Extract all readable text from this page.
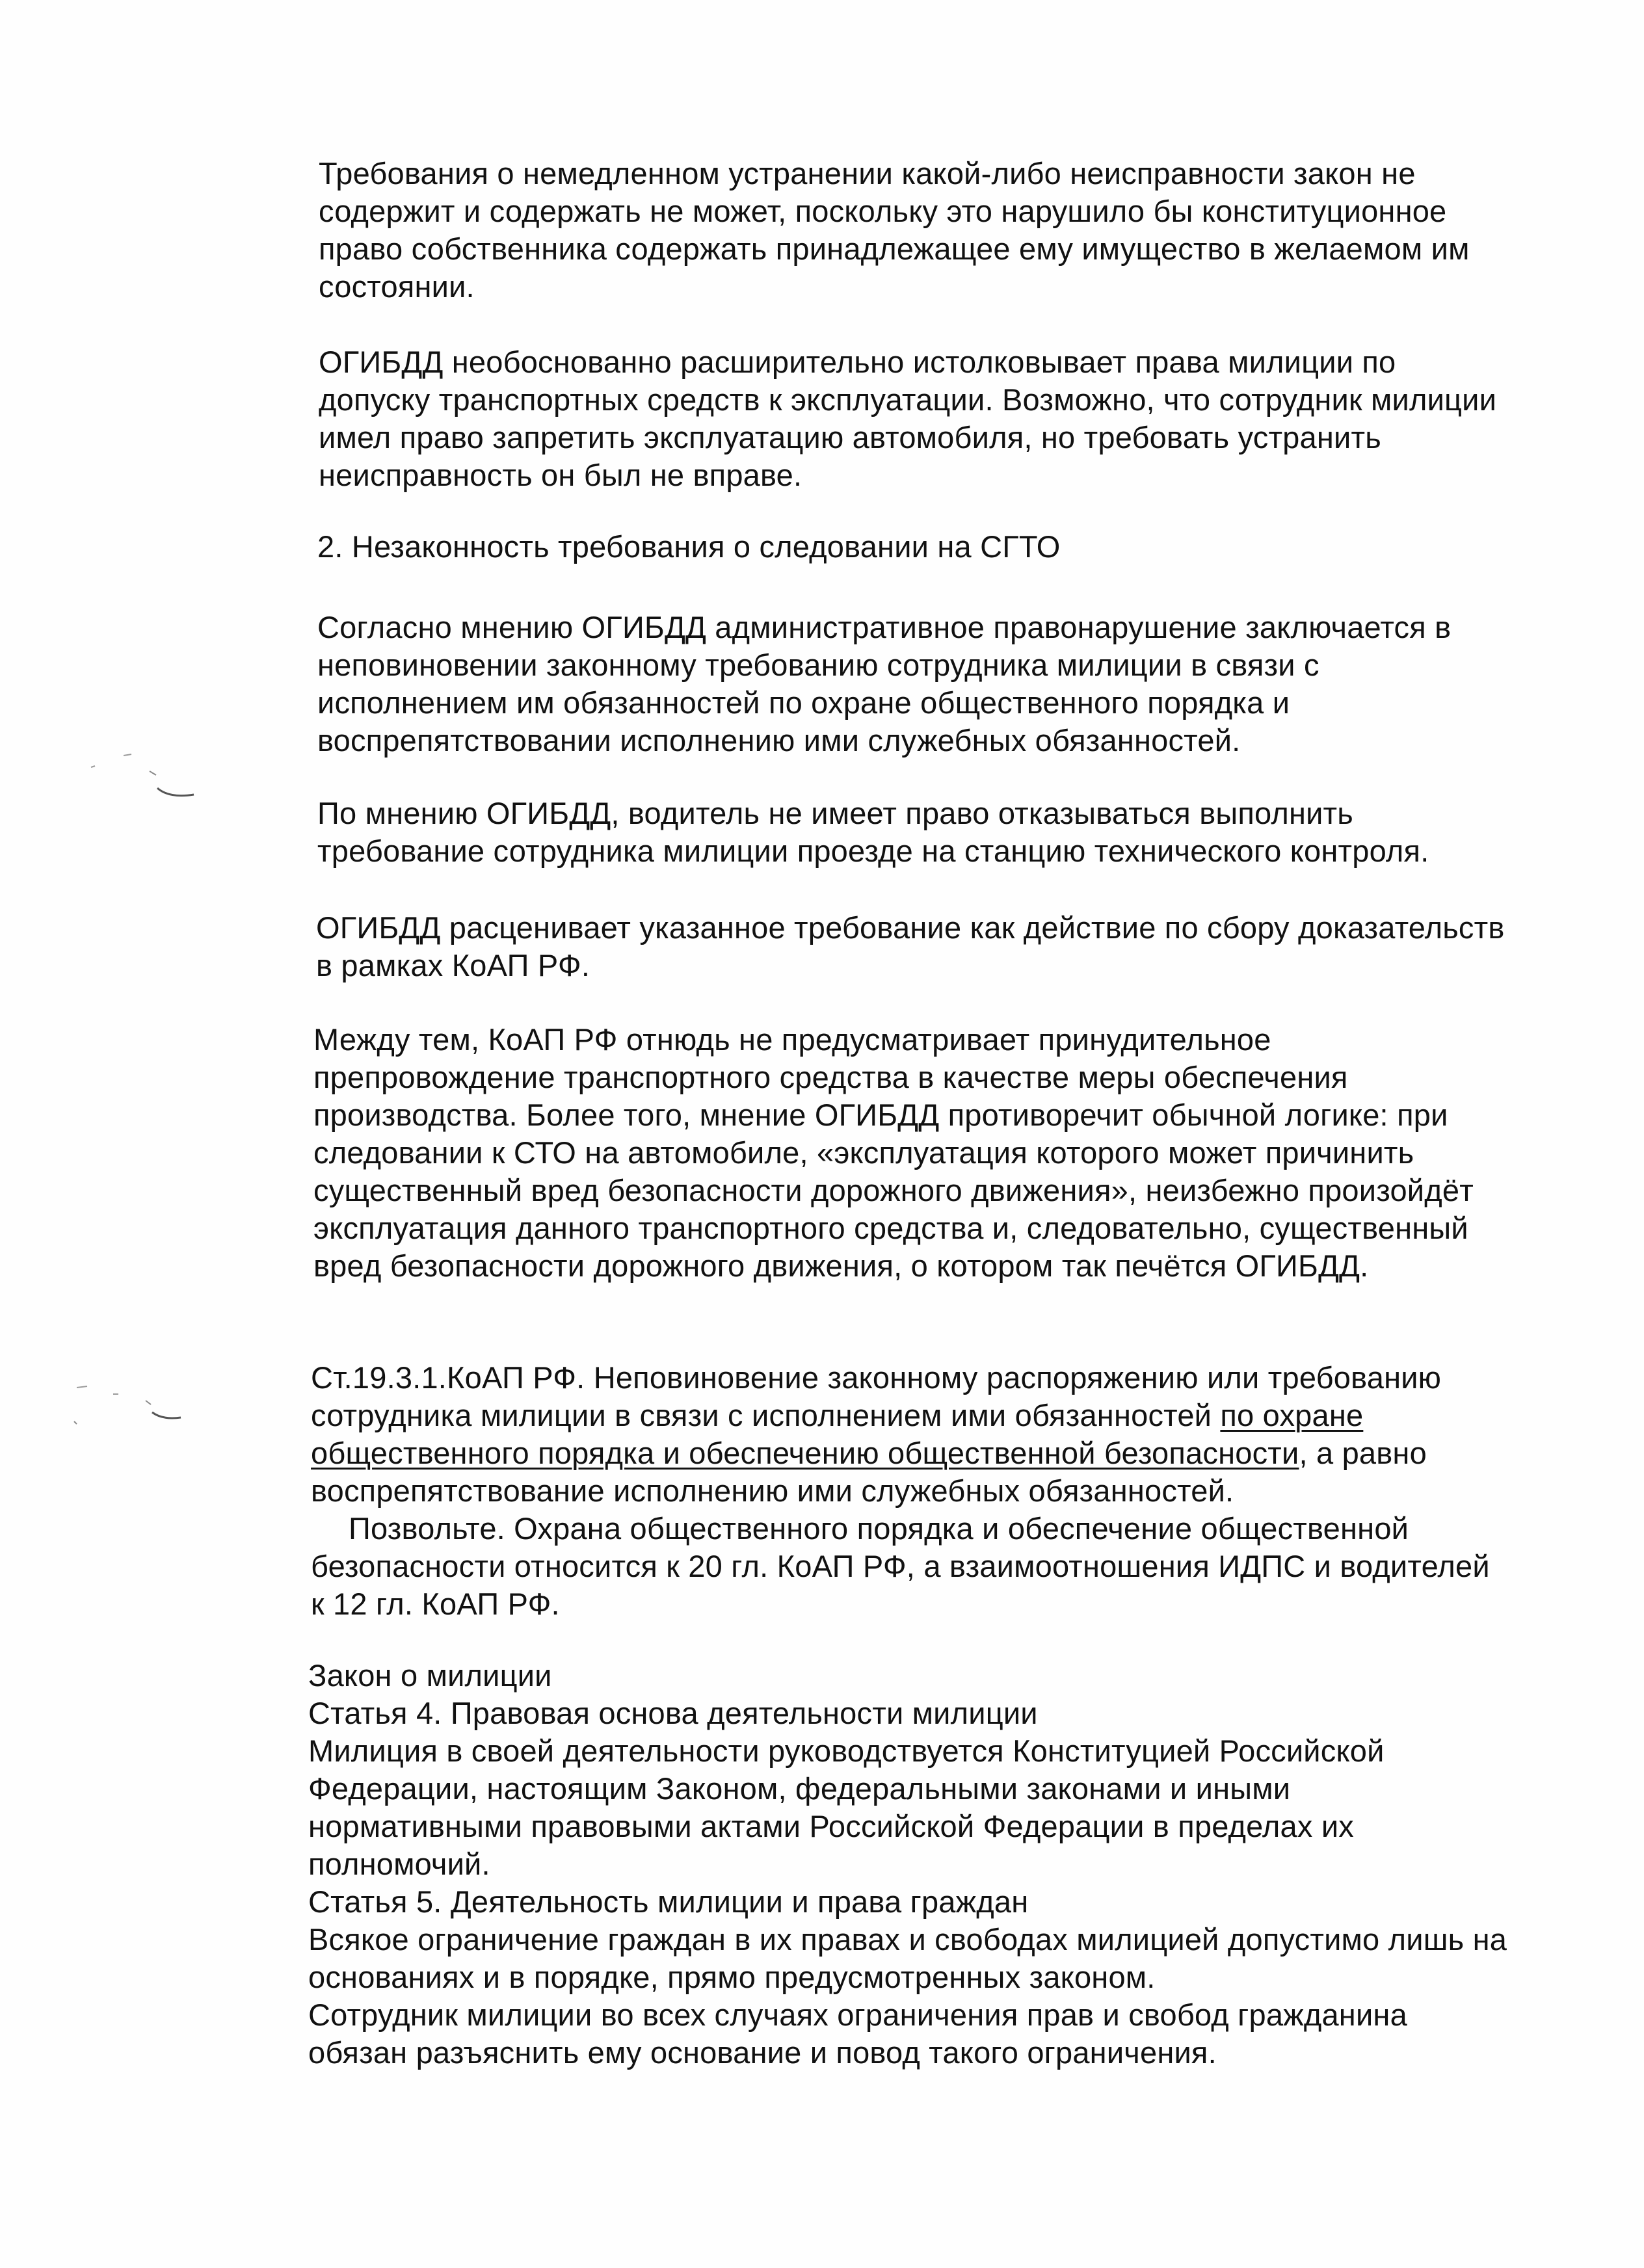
Требования о немедленном устранении какой-либо неисправности закон не
содержит и содержать не может, поскольку это нарушило бы конституционное
право собственника содержать принадлежащее ему имущество в желаемом им
состоянии.
ОГИБДД необоснованно расширительно истолковывает права милиции по
допуску транспортных средств к эксплуатации. Возможно, что сотрудник милиции
имел право запретить эксплуатацию автомобиля, но требовать устранить
неисправность он был не вправе.
2. Незаконность требования о следовании на СГТО
Согласно мнению ОГИБДД административное правонарушение заключается в
неповиновении законному требованию сотрудника милиции в связи с
исполнением им обязанностей по охране общественного порядка и
воспрепятствовании исполнению ими служебных обязанностей.
По мнению ОГИБДД, водитель не имеет право отказываться выполнить
требование сотрудника милиции проезде на станцию технического контроля.
ОГИБДД расценивает указанное требование как действие по сбору доказательств
в рамках КоАП РФ.
Между тем, КоАП РФ отнюдь не предусматривает принудительное
препровождение транспортного средства в качестве меры обеспечения
производства. Более того, мнение ОГИБДД противоречит обычной логике: при
следовании к СТО на автомобиле, «эксплуатация которого может причинить
существенный вред безопасности дорожного движения», неизбежно произойдёт
эксплуатация данного транспортного средства и, следовательно, существенный
вред безопасности дорожного движения, о котором так печётся ОГИБДД.
Ст.19.3.1.КоАП РФ. Неповиновение законному распоряжению или требованию
сотрудника милиции в связи с исполнением ими обязанностей по охране
общественного порядка и обеспечению общественной безопасности, а равно
воспрепятствование исполнению ими служебных обязанностей.
Позвольте. Охрана общественного порядка и обеспечение общественной
безопасности относится к 20 гл. КоАП РФ, а взаимоотношения ИДПС и водителей
к 12 гл. КоАП РФ.
Закон о милиции
Статья 4. Правовая основа деятельности милиции
Милиция в своей деятельности руководствуется Конституцией Российской
Федерации, настоящим Законом, федеральными законами и иными
нормативными правовыми актами Российской Федерации в пределах их
полномочий.
Статья 5. Деятельность милиции и права граждан
Всякое ограничение граждан в их правах и свободах милицией допустимо лишь на
основаниях и в порядке, прямо предусмотренных законом.
Сотрудник милиции во всех случаях ограничения прав и свобод гражданина
обязан разъяснить ему основание и повод такого ограничения.
